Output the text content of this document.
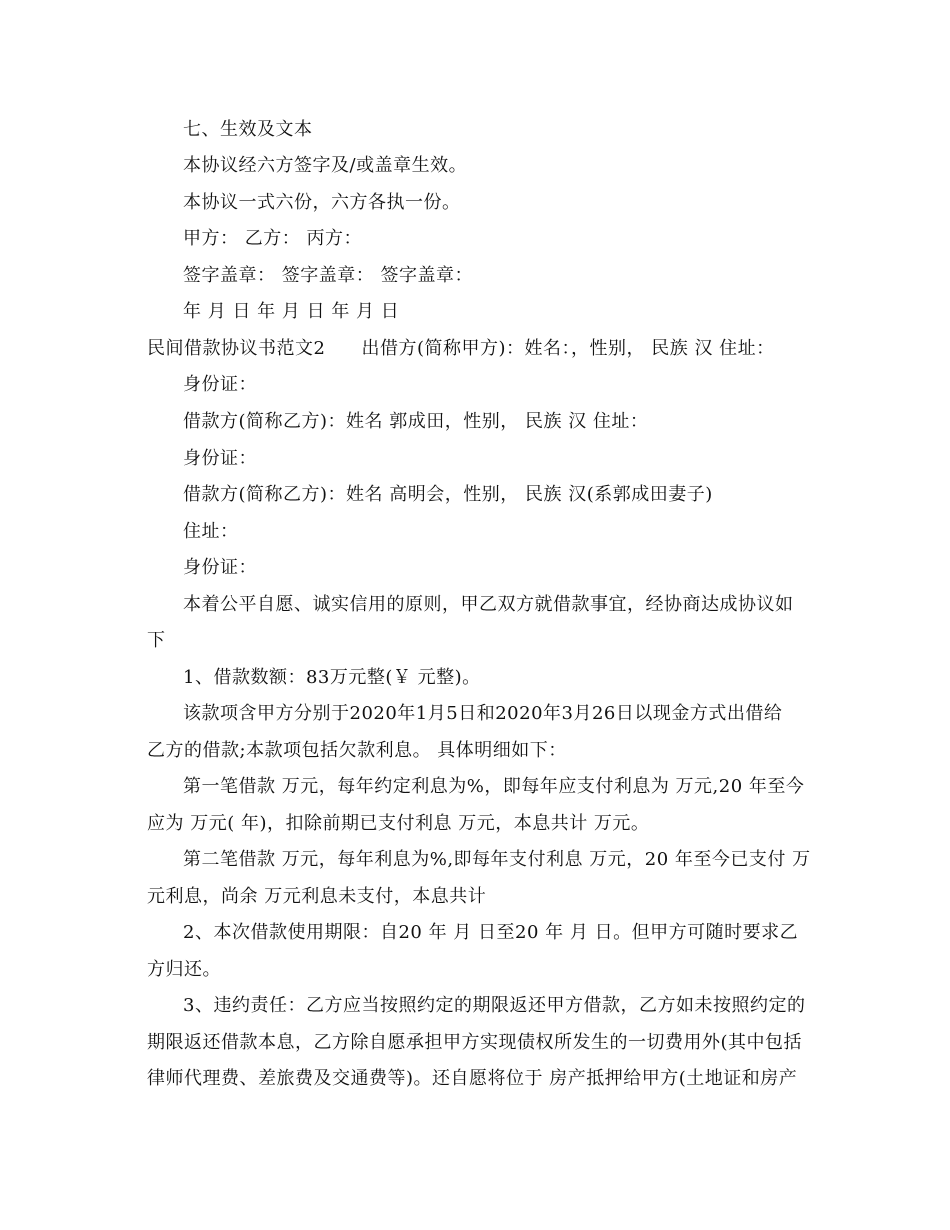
七、生效及文本
本协议经六方签字及/或盖章生效。
本协议一式六份，六方各执一份。
甲方： 乙方： 丙方：
签字盖章： 签字盖章： 签字盖章：
年 月 日 年 月 日 年 月 日
民间借款协议书范文2 出借方(简称甲方)：姓名：，性别， 民族 汉 住址：
身份证：
借款方(简称乙方)：姓名 郭成田，性别， 民族 汉 住址：
身份证：
借款方(简称乙方)：姓名 高明会，性别， 民族 汉(系郭成田妻子)
住址：
身份证：
本着公平自愿、诚实信用的原则，甲乙双方就借款事宜，经协商达成协议如
下
1、借款数额：83万元整(￥ 元整)。
该款项含甲方分别于2020年1月5日和2020年3月26日以现金方式出借给
乙方的借款;本款项包括欠款利息。 具体明细如下：
第一笔借款 万元，每年约定利息为%，即每年应支付利息为 万元,20 年至今
应为 万元( 年)，扣除前期已支付利息 万元，本息共计 万元。
第二笔借款 万元，每年利息为%,即每年支付利息 万元，20 年至今已支付 万
元利息，尚余 万元利息未支付，本息共计
2、本次借款使用期限：自20 年 月 日至20 年 月 日。但甲方可随时要求乙
方归还。
3、违约责任：乙方应当按照约定的期限返还甲方借款，乙方如未按照约定的
期限返还借款本息，乙方除自愿承担甲方实现债权所发生的一切费用外(其中包括
律师代理费、差旅费及交通费等)。还自愿将位于 房产抵押给甲方(土地证和房产
